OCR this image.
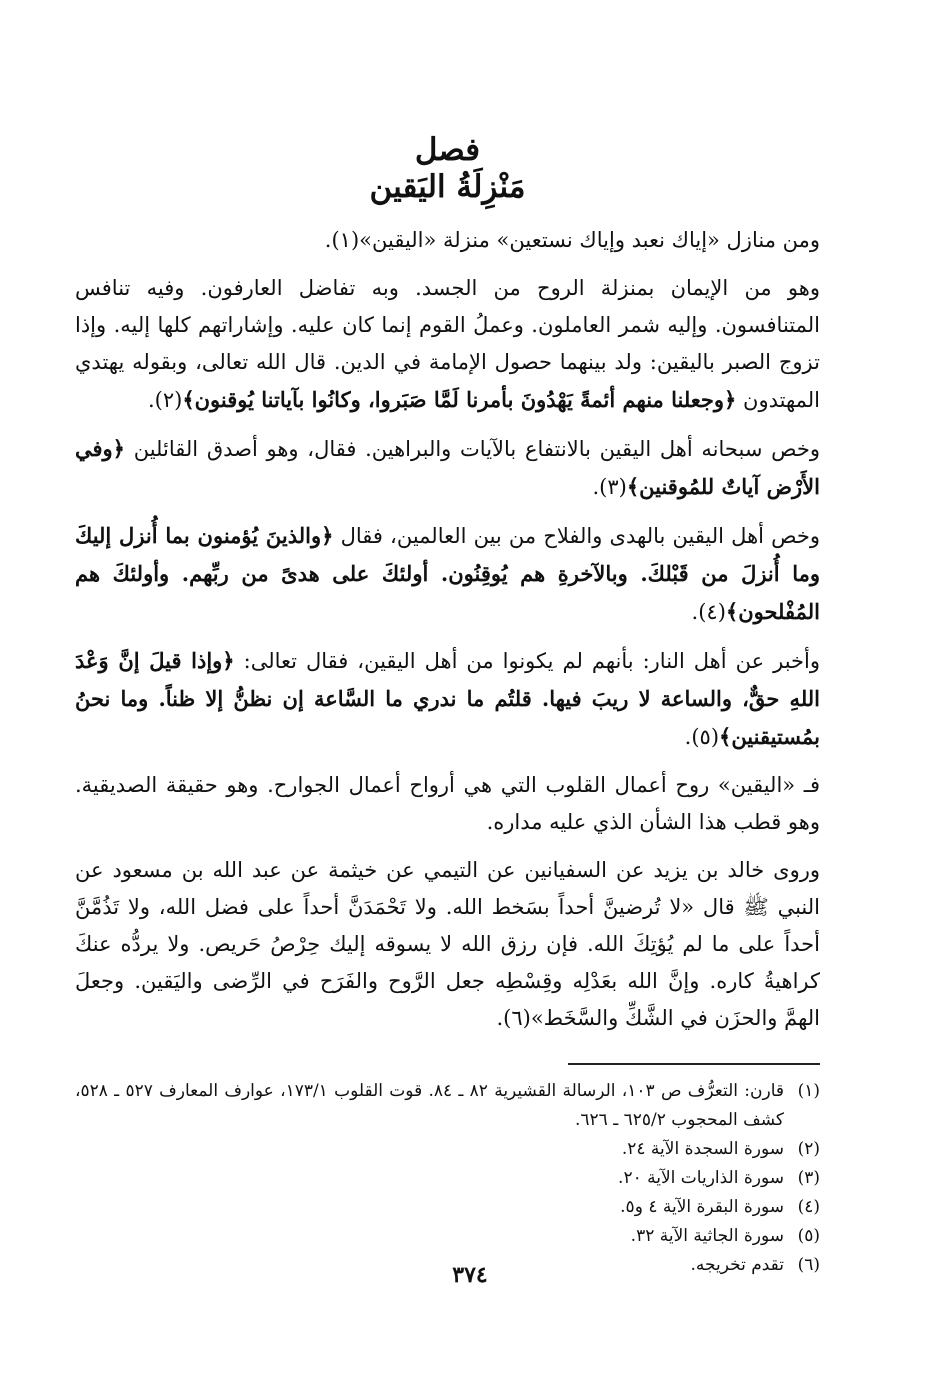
فصل
مَنْزِلَةُ اليَقين

ومن منازل «إياك نعبد وإياك نستعين» منزلة «اليقين»(١).

وهو من الإيمان بمنزلة الروح من الجسد. وبه تفاضل العارفون. وفيه تنافس المتنافسون. وإليه شمر العاملون. وعملُ القوم إنما كان عليه. وإشاراتهم كلها إليه. وإذا تزوج الصبر باليقين: ولد بينهما حصول الإمامة في الدين. قال الله تعالى، وبقوله يهتدي المهتدون ﴿وجعلنا منهم أئمةً يَهْدُونَ بأمرنا لَمَّا صَبَروا، وكانُوا بآياتنا يُوقنون﴾(٢).

وخص سبحانه أهل اليقين بالانتفاع بالآيات والبراهين. فقال، وهو أصدق القائلين ﴿وفي الأَرْض آياتٌ للمُوقنين﴾(٣).

وخص أهل اليقين بالهدى والفلاح من بين العالمين، فقال ﴿والذينَ يُؤمنون بما أُنزل إليكَ وما أُنزلَ من قَبْلكَ. وبالآخرةِ هم يُوقِنُون. أولئكَ على هدىً من ربِّهم. وأولئكَ هم المُفْلحون﴾(٤).

وأخبر عن أهل النار: بأنهم لم يكونوا من أهل اليقين، فقال تعالى: ﴿وإذا قيلَ إنَّ وَعْدَ اللهِ حقٌّ، والساعة لا ريبَ فيها. قلتُم ما ندري ما السَّاعة إن نظنُّ إلا ظناً. وما نحنُ بمُستيقنين﴾(٥).

فـ «اليقين» روح أعمال القلوب التي هي أرواح أعمال الجوارح. وهو حقيقة الصديقية. وهو قطب هذا الشأن الذي عليه مداره.

وروى خالد بن يزيد عن السفيانين عن التيمي عن خيثمة عن عبد الله بن مسعود عن النبي ﷺ قال «لا تُرضينَّ أحداً بسَخط الله. ولا تَحْمَدَنَّ أحداً على فضل الله، ولا تَذُمَّنَّ أحداً على ما لم يُؤتِكَ الله. فإن رزق الله لا يسوقه إليك حِرْصُ حَريص. ولا يردُّه عنكَ كراهيةُ كاره. وإنَّ الله بعَدْلِه وقِسْطِه جعل الرَّوح والفَرَح في الرِّضى واليَقين. وجعلَ الهمَّ والحزَن في الشَّكِّ والسَّخَط»(٦).

(١)
قارن: التعرُّف ص ١٠٣، الرسالة القشيرية ٨٢ ـ ٨٤. قوت القلوب ١٧٣/١، عوارف المعارف ٥٢٧ ـ ٥٢٨، كشف المحجوب ٦٢٥/٢ ـ ٦٢٦.
(٢)
سورة السجدة الآية ٢٤.
(٣)
سورة الذاريات الآية ٢٠.
(٤)
سورة البقرة الآية ٤ و٥.
(٥)
سورة الجاثية الآية ٣٢.
(٦)
تقدم تخريجه.
٣٧٤
